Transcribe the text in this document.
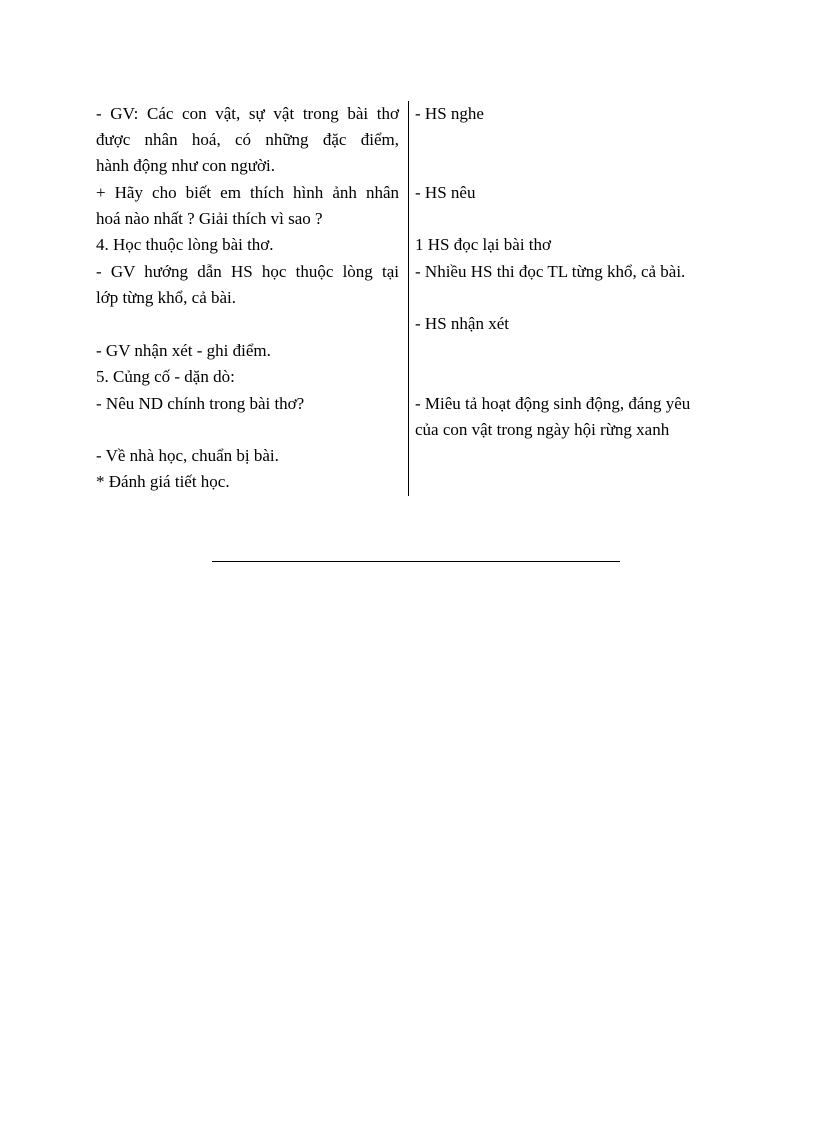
- GV: Các con vật, sự vật trong bài thơ
được nhân hoá, có những đặc điểm,
hành động như con người.
+ Hãy cho biết em thích hình ảnh nhân
hoá nào nhất ? Giải thích vì sao ?
4. Học thuộc lòng bài thơ.
- GV hướng dẫn HS học thuộc lòng tại
lớp từng khổ, cả bài.
- GV nhận xét - ghi điểm.
5. Củng cố - dặn dò:
- Nêu ND chính trong bài thơ?
- Về nhà học, chuẩn bị bài.
* Đánh giá tiết học.
- HS nghe
- HS nêu
1 HS đọc lại bài thơ
- Nhiều HS thi đọc TL từng khổ, cả bài.
- HS nhận xét
- Miêu tả hoạt động sinh động, đáng yêu
của con vật trong ngày hội rừng xanh
